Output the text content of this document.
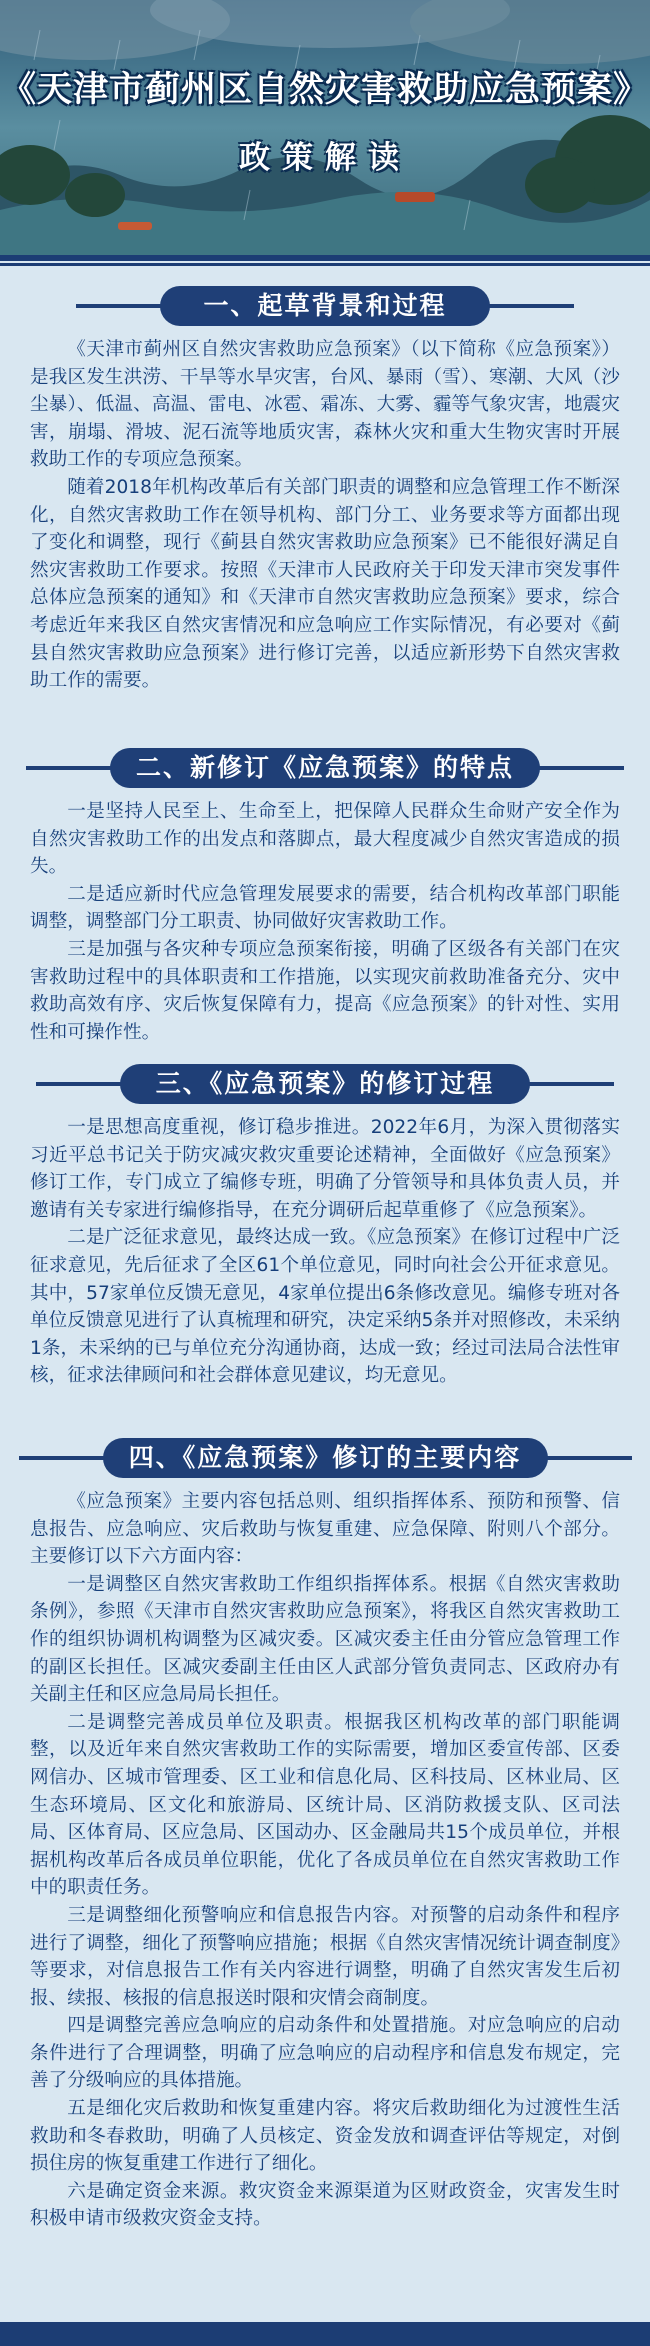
《天津市蓟州区自然灾害救助应急预案》
政策解读
一、起草背景和过程

《天津市蓟州区自然灾害救助应急预案》（以下简称《应急预案》）是我区发生洪涝、干旱等水旱灾害，台风、暴雨（雪）、寒潮、大风（沙尘暴）、低温、高温、雷电、冰雹、霜冻、大雾、霾等气象灾害，地震灾害，崩塌、滑坡、泥石流等地质灾害，森林火灾和重大生物灾害时开展救助工作的专项应急预案。

随着2018年机构改革后有关部门职责的调整和应急管理工作不断深化，自然灾害救助工作在领导机构、部门分工、业务要求等方面都出现了变化和调整，现行《蓟县自然灾害救助应急预案》已不能很好满足自然灾害救助工作要求。按照《天津市人民政府关于印发天津市突发事件总体应急预案的通知》和《天津市自然灾害救助应急预案》要求，综合考虑近年来我区自然灾害情况和应急响应工作实际情况，有必要对《蓟县自然灾害救助应急预案》进行修订完善，以适应新形势下自然灾害救助工作的需要。

二、新修订《应急预案》的特点

一是坚持人民至上、生命至上，把保障人民群众生命财产安全作为自然灾害救助工作的出发点和落脚点，最大程度减少自然灾害造成的损失。

二是适应新时代应急管理发展要求的需要，结合机构改革部门职能调整，调整部门分工职责、协同做好灾害救助工作。

三是加强与各灾种专项应急预案衔接，明确了区级各有关部门在灾害救助过程中的具体职责和工作措施，以实现灾前救助准备充分、灾中救助高效有序、灾后恢复保障有力，提高《应急预案》的针对性、实用性和可操作性。

三、《应急预案》的修订过程

一是思想高度重视，修订稳步推进。2022年6月，为深入贯彻落实习近平总书记关于防灾减灾救灾重要论述精神，全面做好《应急预案》修订工作，专门成立了编修专班，明确了分管领导和具体负责人员，并邀请有关专家进行编修指导，在充分调研后起草重修了《应急预案》。

二是广泛征求意见，最终达成一致。《应急预案》在修订过程中广泛征求意见，先后征求了全区61个单位意见，同时向社会公开征求意见。其中，57家单位反馈无意见，4家单位提出6条修改意见。编修专班对各单位反馈意见进行了认真梳理和研究，决定采纳5条并对照修改，未采纳1条，未采纳的已与单位充分沟通协商，达成一致；经过司法局合法性审核，征求法律顾问和社会群体意见建议，均无意见。

四、《应急预案》修订的主要内容

《应急预案》主要内容包括总则、组织指挥体系、预防和预警、信息报告、应急响应、灾后救助与恢复重建、应急保障、附则八个部分。主要修订以下六方面内容：

一是调整区自然灾害救助工作组织指挥体系。根据《自然灾害救助条例》，参照《天津市自然灾害救助应急预案》，将我区自然灾害救助工作的组织协调机构调整为区减灾委。区减灾委主任由分管应急管理工作的副区长担任。区减灾委副主任由区人武部分管负责同志、区政府办有关副主任和区应急局局长担任。

二是调整完善成员单位及职责。根据我区机构改革的部门职能调整，以及近年来自然灾害救助工作的实际需要，增加区委宣传部、区委网信办、区城市管理委、区工业和信息化局、区科技局、区林业局、区生态环境局、区文化和旅游局、区统计局、区消防救援支队、区司法局、区体育局、区应急局、区国动办、区金融局共15个成员单位，并根据机构改革后各成员单位职能，优化了各成员单位在自然灾害救助工作中的职责任务。

三是调整细化预警响应和信息报告内容。对预警的启动条件和程序进行了调整，细化了预警响应措施；根据《自然灾害情况统计调查制度》等要求，对信息报告工作有关内容进行调整，明确了自然灾害发生后初报、续报、核报的信息报送时限和灾情会商制度。

四是调整完善应急响应的启动条件和处置措施。对应急响应的启动条件进行了合理调整，明确了应急响应的启动程序和信息发布规定，完善了分级响应的具体措施。

五是细化灾后救助和恢复重建内容。将灾后救助细化为过渡性生活救助和冬春救助，明确了人员核定、资金发放和调查评估等规定，对倒损住房的恢复重建工作进行了细化。

六是确定资金来源。救灾资金来源渠道为区财政资金，灾害发生时积极申请市级救灾资金支持。
